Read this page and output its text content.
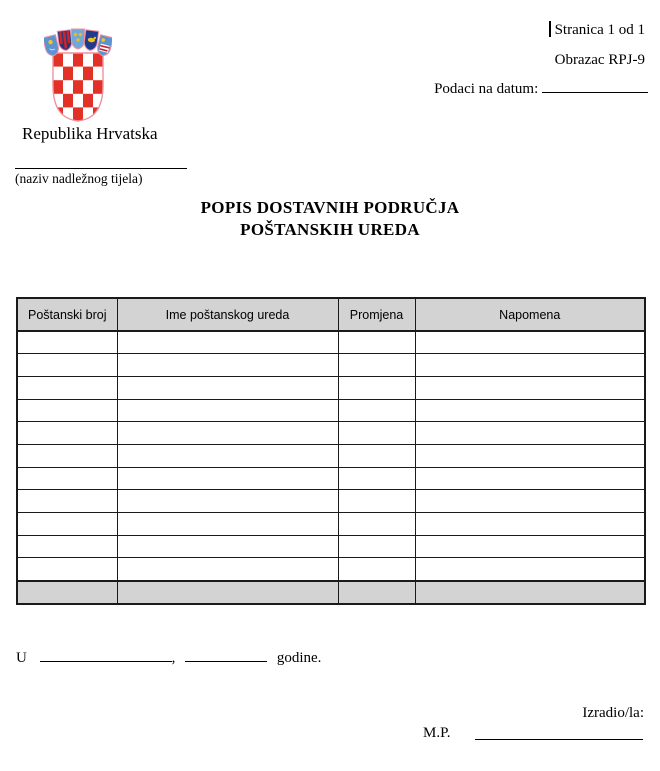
Stranica 1 od 1
Obrazac RPJ-9
Podaci na datum:
Republika Hrvatska
(naziv nadležnog tijela)
POPIS DOSTAVNIH PODRUČJA
POŠTANSKIH UREDA
Poštanski broj	Ime poštanskog ureda	Promjena	Napomena

U	,	godine.
Izradio/la:
M.P.
